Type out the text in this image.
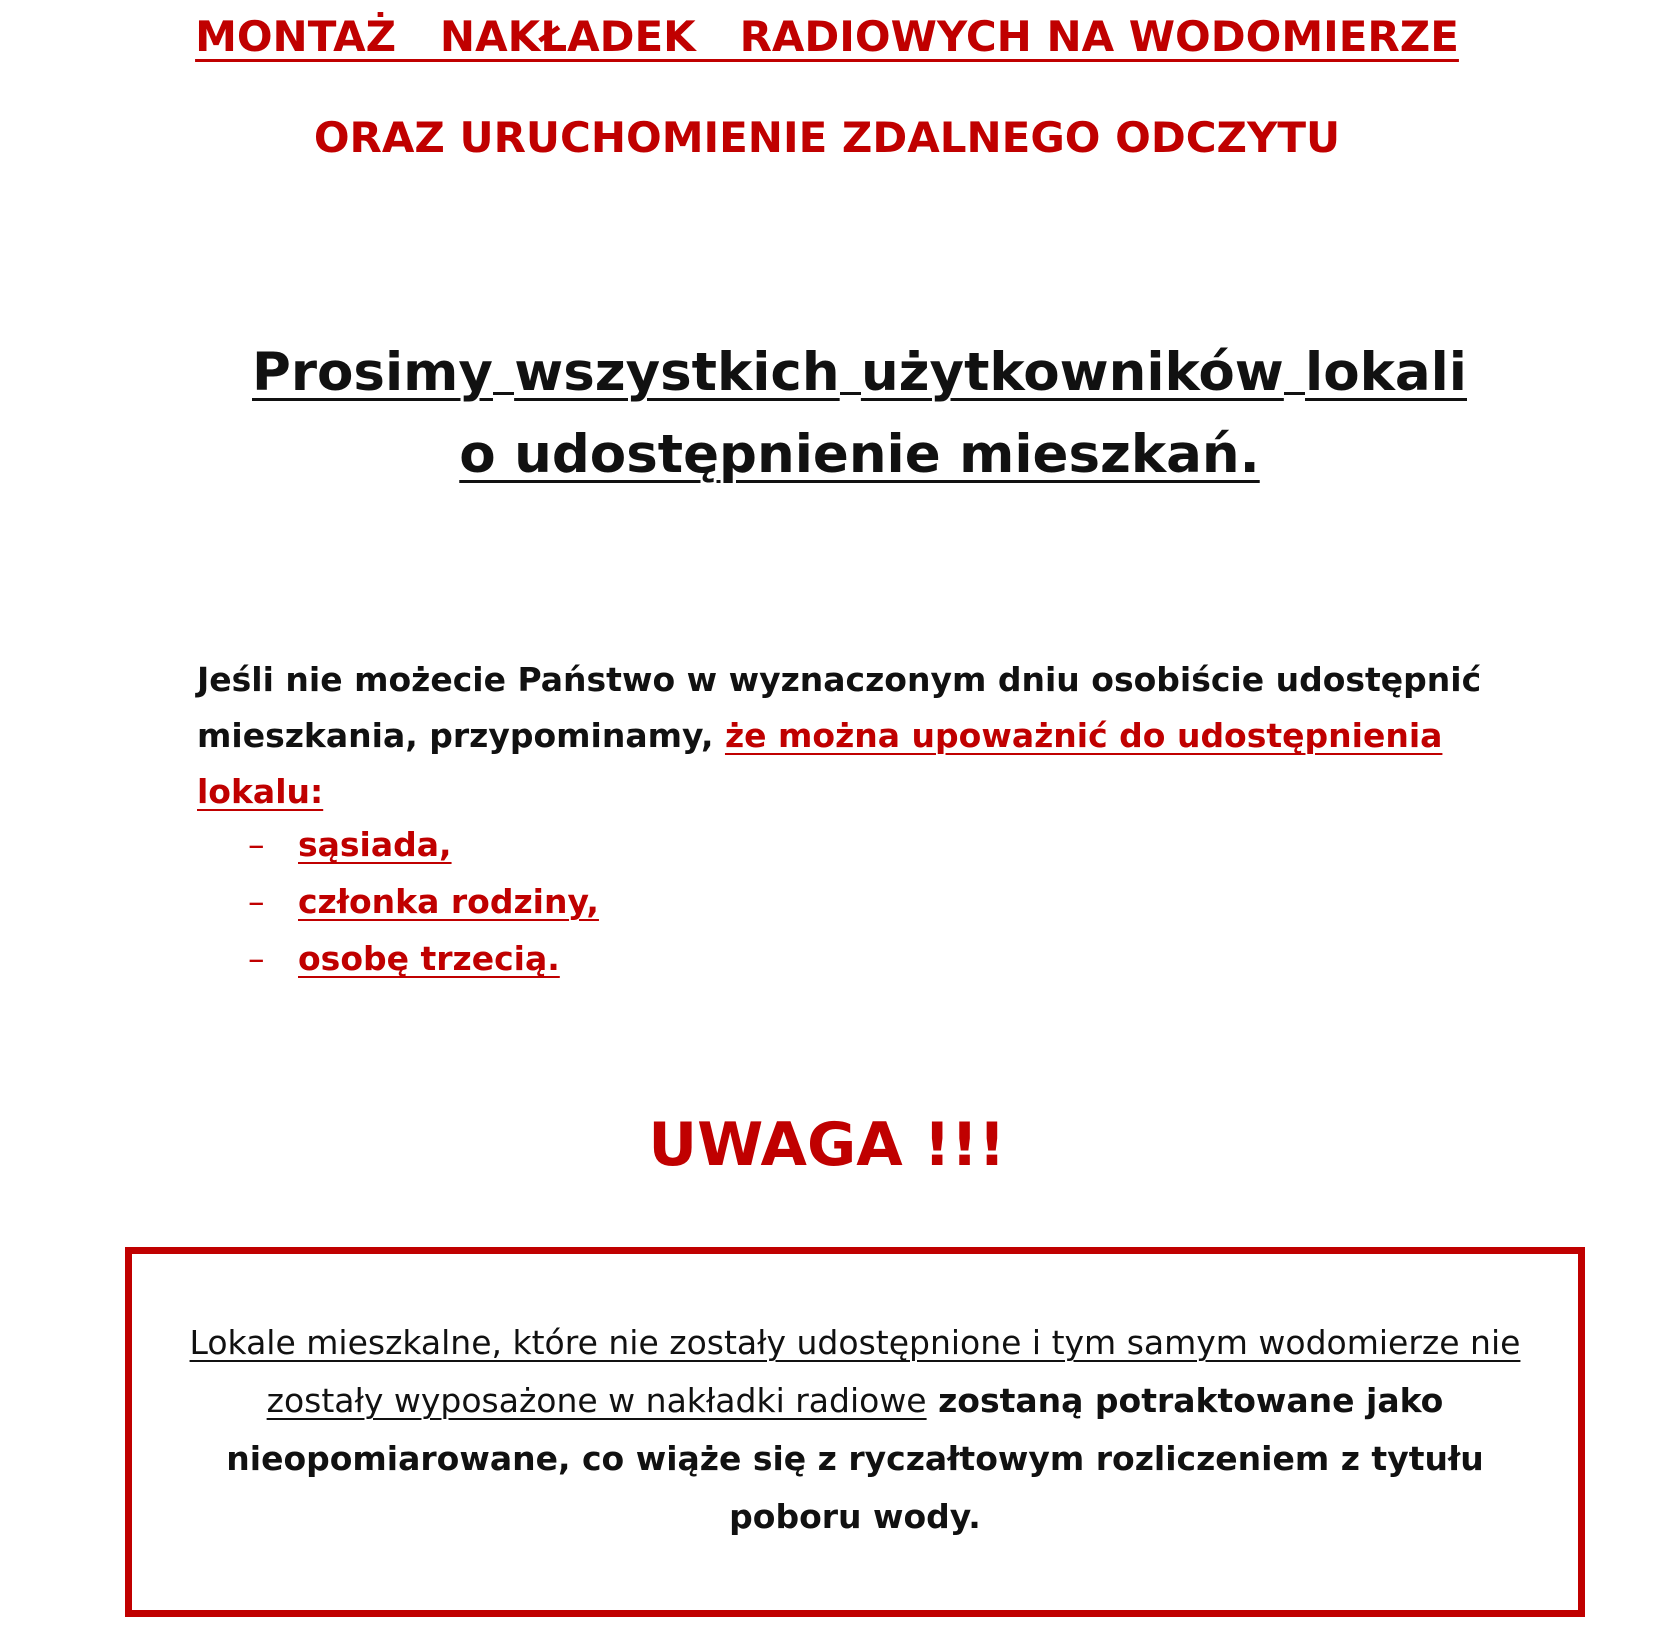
MONTAŻ   NAKŁADEK   RADIOWYCH NA WODOMIERZE
ORAZ URUCHOMIENIE ZDALNEGO ODCZYTU
Prosimy wszystkich użytkowników lokali
o udostępnienie mieszkań.
Jeśli nie możecie Państwo w wyznaczonym dniu osobiście udostępnić mieszkania, przypominamy, że można upoważnić do udostępnienia lokalu:
–	sąsiada,
–	członka rodziny,
–	osobę trzecią.
UWAGA !!!
Lokale mieszkalne, które nie zostały udostępnione i tym samym wodomierze nie zostały wyposażone w nakładki radiowe zostaną potraktowane jako nieopomiarowane, co wiąże się z ryczałtowym rozliczeniem z tytułu poboru wody.
